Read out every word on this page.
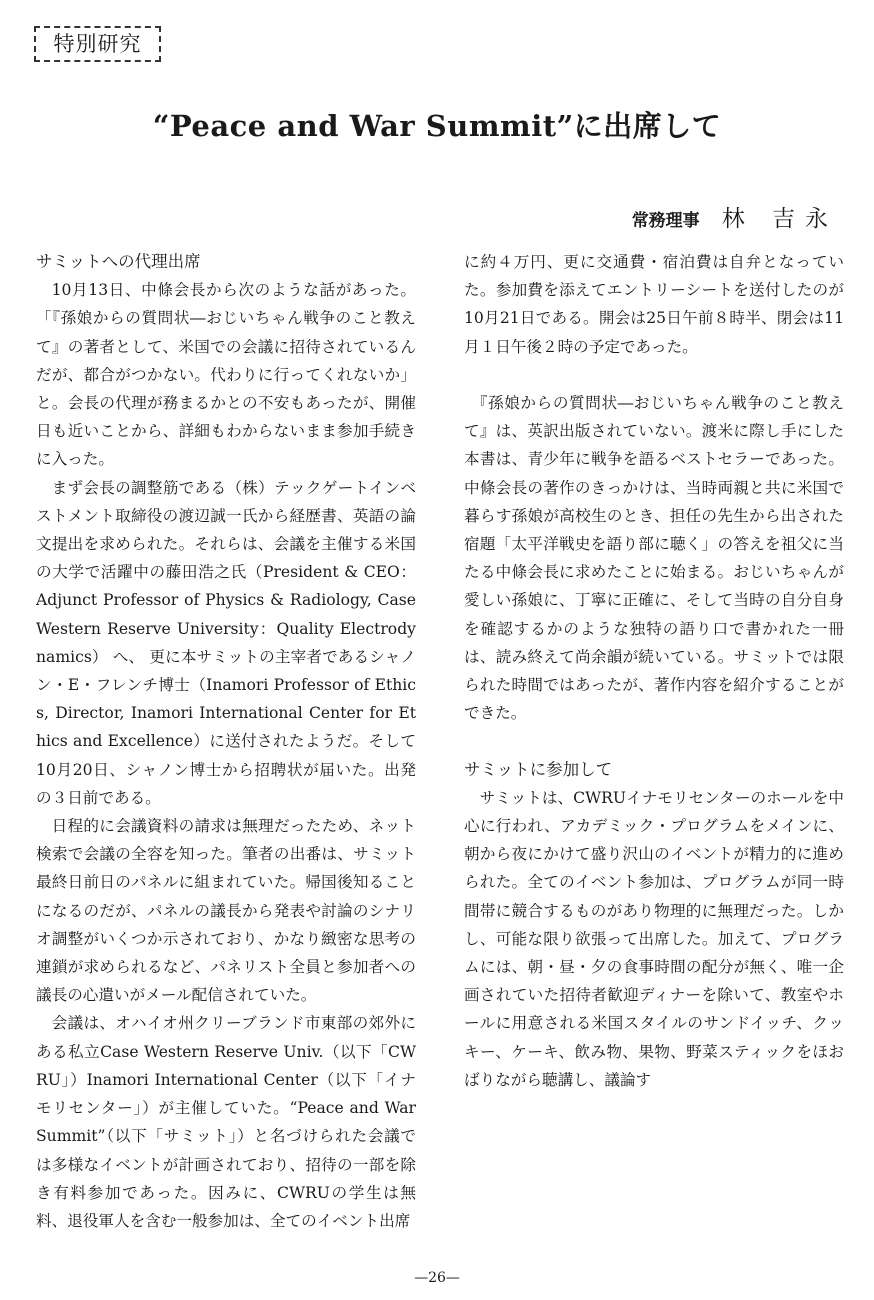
特別研究
“Peace and War Summit”に出席して
常務理事 林 吉永
サミットへの代理出席

10月13日、中條会長から次のような話があった。「『孫娘からの質問状―おじいちゃん戦争のこと教えて』の著者として、米国での会議に招待されているんだが、都合がつかない。代わりに行ってくれないか」と。会長の代理が務まるかとの不安もあったが、開催日も近いことから、詳細もわからないまま参加手続きに入った。

まず会長の調整筋である（株）テックゲートインベストメント取締役の渡辺誠一氏から経歴書、英語の論文提出を求められた。それらは、会議を主催する米国の大学で活躍中の藤田浩之氏（President & CEO：Adjunct Professor of Physics & Radiology, Case Western Reserve University：Quality Electrodynamics） へ、 更に本サミットの主宰者であるシャノン・E・フレンチ博士（Inamori Professor of Ethics, Director, Inamori International Center for Ethics and Excellence）に送付されたようだ。そして10月20日、シャノン博士から招聘状が届いた。出発の３日前である。

日程的に会議資料の請求は無理だったため、ネット検索で会議の全容を知った。筆者の出番は、サミット最終日前日のパネルに組まれていた。帰国後知ることになるのだが、パネルの議長から発表や討論のシナリオ調整がいくつか示されており、かなり緻密な思考の連鎖が求められるなど、パネリスト全員と参加者への議長の心遣いがメール配信されていた。

会議は、オハイオ州クリーブランド市東部の郊外にある私立Case Western Reserve Univ.（以下「CWRU」）Inamori International Center（以下「イナモリセンター」）が主催していた。“Peace and War Summit”（以下「サミット」）と名づけられた会議では多様なイベントが計画されており、招待の一部を除き有料参加であった。因みに、CWRUの学生は無料、退役軍人を含む一般参加は、全てのイベント出席

に約４万円、更に交通費・宿泊費は自弁となっていた。参加費を添えてエントリーシートを送付したのが10月21日である。開会は25日午前８時半、閉会は11月１日午後２時の予定であった。

『孫娘からの質問状―おじいちゃん戦争のこと教えて』は、英訳出版されていない。渡米に際し手にした本書は、青少年に戦争を語るベストセラーであった。中條会長の著作のきっかけは、当時両親と共に米国で暮らす孫娘が高校生のとき、担任の先生から出された宿題「太平洋戦史を語り部に聴く」の答えを祖父に当たる中條会長に求めたことに始まる。おじいちゃんが愛しい孫娘に、丁寧に正確に、そして当時の自分自身を確認するかのような独特の語り口で書かれた一冊は、読み終えて尚余韻が続いている。サミットでは限られた時間ではあったが、著作内容を紹介することができた。

サミットに参加して

サミットは、CWRUイナモリセンターのホールを中心に行われ、アカデミック・プログラムをメインに、朝から夜にかけて盛り沢山のイベントが精力的に進められた。全てのイベント参加は、プログラムが同一時間帯に競合するものがあり物理的に無理だった。しかし、可能な限り欲張って出席した。加えて、プログラムには、朝・昼・夕の食事時間の配分が無く、唯一企画されていた招待者歓迎ディナーを除いて、教室やホールに用意される米国スタイルのサンドイッチ、クッキー、ケーキ、飲み物、果物、野菜スティックをほおばりながら聴講し、議論す

—26—
